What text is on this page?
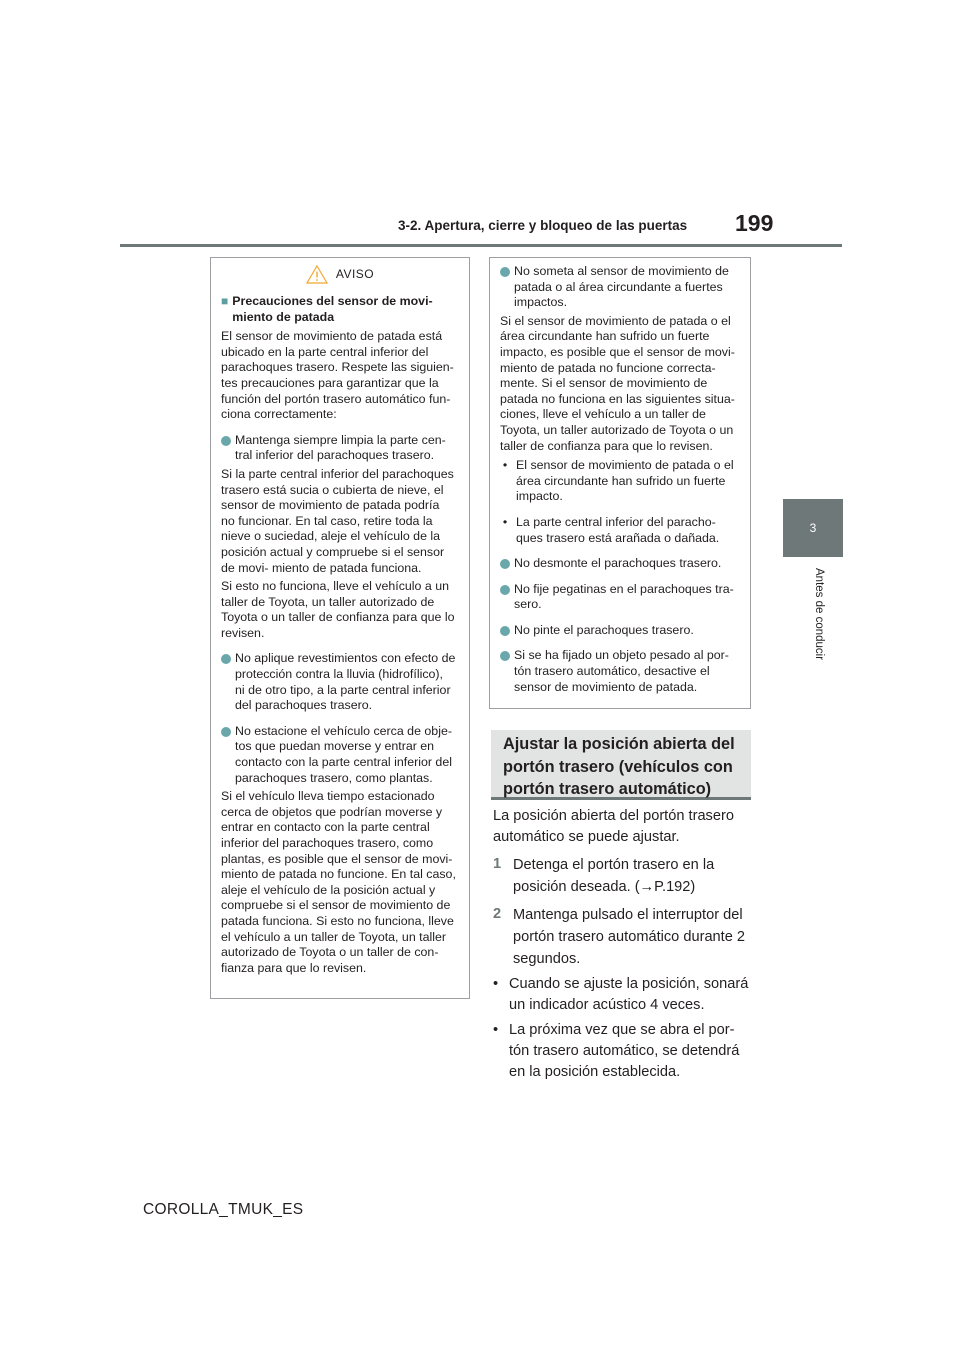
3-2. Apertura, cierre y bloqueo de las puertas 199
3
Antes de conducir
AVISO
■ Precauciones del sensor de movi- miento de patada
El sensor de movimiento de patada está ubicado en la parte central inferior del parachoques trasero. Respete las siguien- tes precauciones para garantizar que la función del portón trasero automático fun- ciona correctamente:
Mantenga siempre limpia la parte cen- tral inferior del parachoques trasero.
Si la parte central inferior del parachoques trasero está sucia o cubierta de nieve, el sensor de movimiento de patada podría no funcionar. En tal caso, retire toda la nieve o suciedad, aleje el vehículo de la posición actual y compruebe si el sensor de movi- miento de patada funciona.
Si esto no funciona, lleve el vehículo a un taller de Toyota, un taller autorizado de Toyota o un taller de confianza para que lo revisen.
No aplique revestimientos con efecto de protección contra la lluvia (hidrofílico), ni de otro tipo, a la parte central inferior del parachoques trasero.
No estacione el vehículo cerca de obje- tos que puedan moverse y entrar en contacto con la parte central inferior del parachoques trasero, como plantas.
Si el vehículo lleva tiempo estacionado cerca de objetos que podrían moverse y entrar en contacto con la parte central inferior del parachoques trasero, como plantas, es posible que el sensor de movi- miento de patada no funcione. En tal caso, aleje el vehículo de la posición actual y compruebe si el sensor de movimiento de patada funciona. Si esto no funciona, lleve el vehículo a un taller de Toyota, un taller autorizado de Toyota o un taller de con- fianza para que lo revisen.
No someta al sensor de movimiento de patada o al área circundante a fuertes impactos.
Si el sensor de movimiento de patada o el área circundante han sufrido un fuerte impacto, es posible que el sensor de movi- miento de patada no funcione correcta- mente. Si el sensor de movimiento de patada no funciona en las siguientes situa- ciones, lleve el vehículo a un taller de Toyota, un taller autorizado de Toyota o un taller de confianza para que lo revisen.
• El sensor de movimiento de patada o el área circundante han sufrido un fuerte impacto.
• La parte central inferior del paracho- ques trasero está arañada o dañada.
No desmonte el parachoques trasero.
No fije pegatinas en el parachoques tra- sero.
No pinte el parachoques trasero.
Si se ha fijado un objeto pesado al por- tón trasero automático, desactive el sensor de movimiento de patada.
Ajustar la posición abierta del portón trasero (vehículos con portón trasero automático)
La posición abierta del portón trasero automático se puede ajustar.
1 Detenga el portón trasero en la posición deseada. (→P.192)
2 Mantenga pulsado el interruptor del portón trasero automático durante 2 segundos.
• Cuando se ajuste la posición, sonará un indicador acústico 4 veces.
• La próxima vez que se abra el por- tón trasero automático, se detendrá en la posición establecida.
COROLLA_TMUK_ES
